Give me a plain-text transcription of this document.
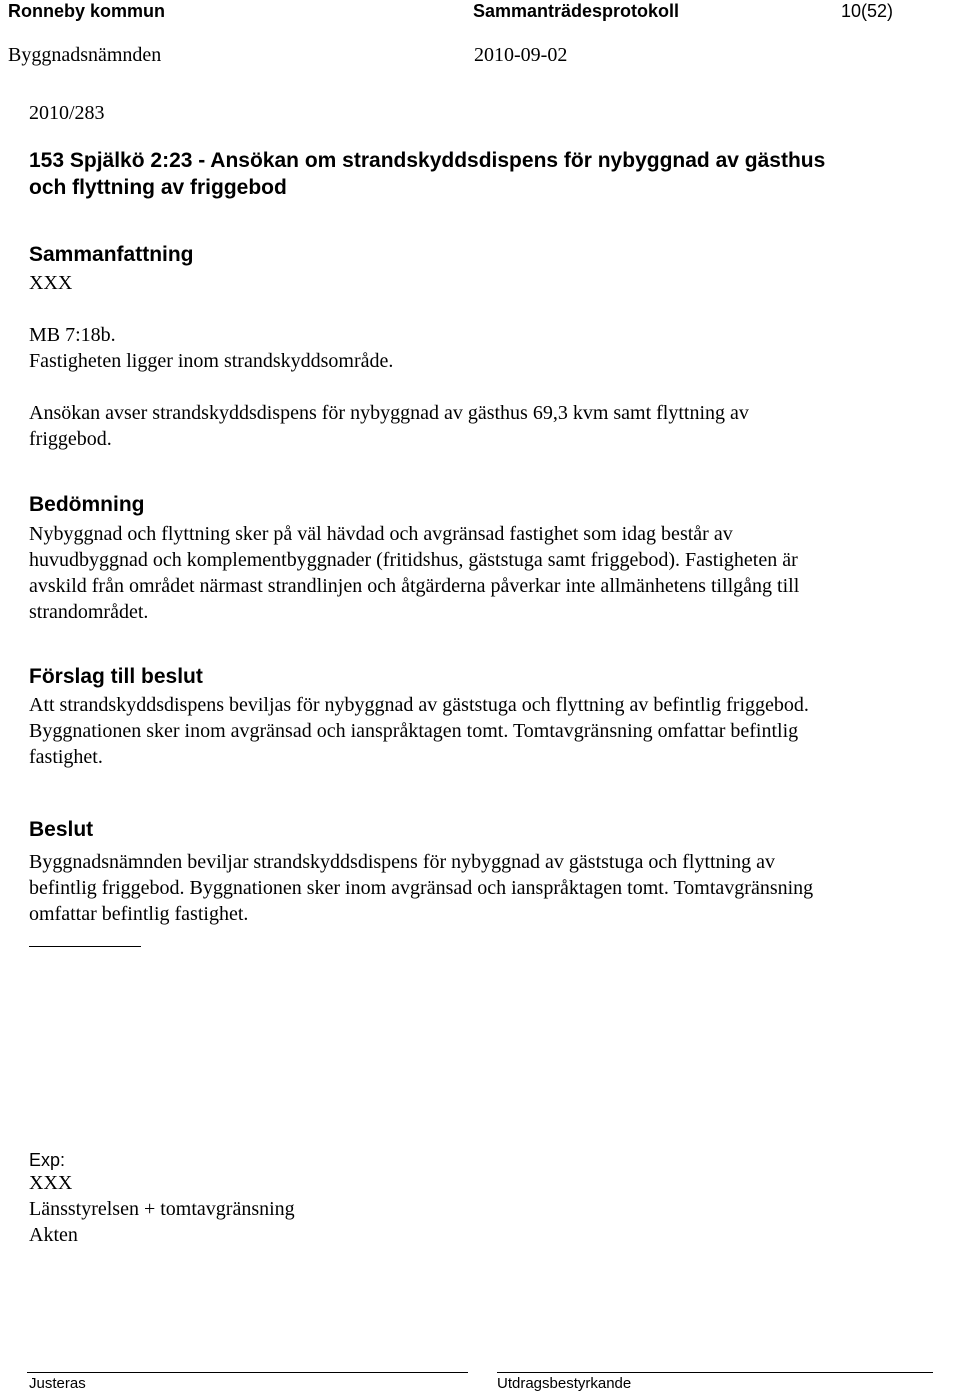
Ronneby kommun	Sammanträdesprotokoll	10(52)
Byggnadsnämnden	2010-09-02
2010/283
153 Spjälkö 2:23 - Ansökan om strandskyddsdispens för nybyggnad av gästhus
och flyttning av friggebod
Sammanfattning
XXX
MB 7:18b.
Fastigheten ligger inom strandskyddsområde.
Ansökan avser strandskyddsdispens för nybyggnad av gästhus 69,3 kvm samt flyttning av
friggebod.
Bedömning
Nybyggnad och flyttning sker på väl hävdad och avgränsad fastighet som idag består av
huvudbyggnad och komplementbyggnader (fritidshus, gäststuga samt friggebod). Fastigheten är
avskild från området närmast strandlinjen och åtgärderna påverkar inte allmänhetens tillgång till
strandområdet.
Förslag till beslut
Att strandskyddsdispens beviljas för nybyggnad av gäststuga och flyttning av befintlig friggebod.
Byggnationen sker inom avgränsad och ianspråktagen tomt. Tomtavgränsning omfattar befintlig
fastighet.
Beslut
Byggnadsnämnden beviljar strandskyddsdispens för nybyggnad av gäststuga och flyttning av
befintlig friggebod. Byggnationen sker inom avgränsad och ianspråktagen tomt. Tomtavgränsning
omfattar befintlig fastighet.
Exp:
XXX
Länsstyrelsen + tomtavgränsning
Akten
Justeras	Utdragsbestyrkande
